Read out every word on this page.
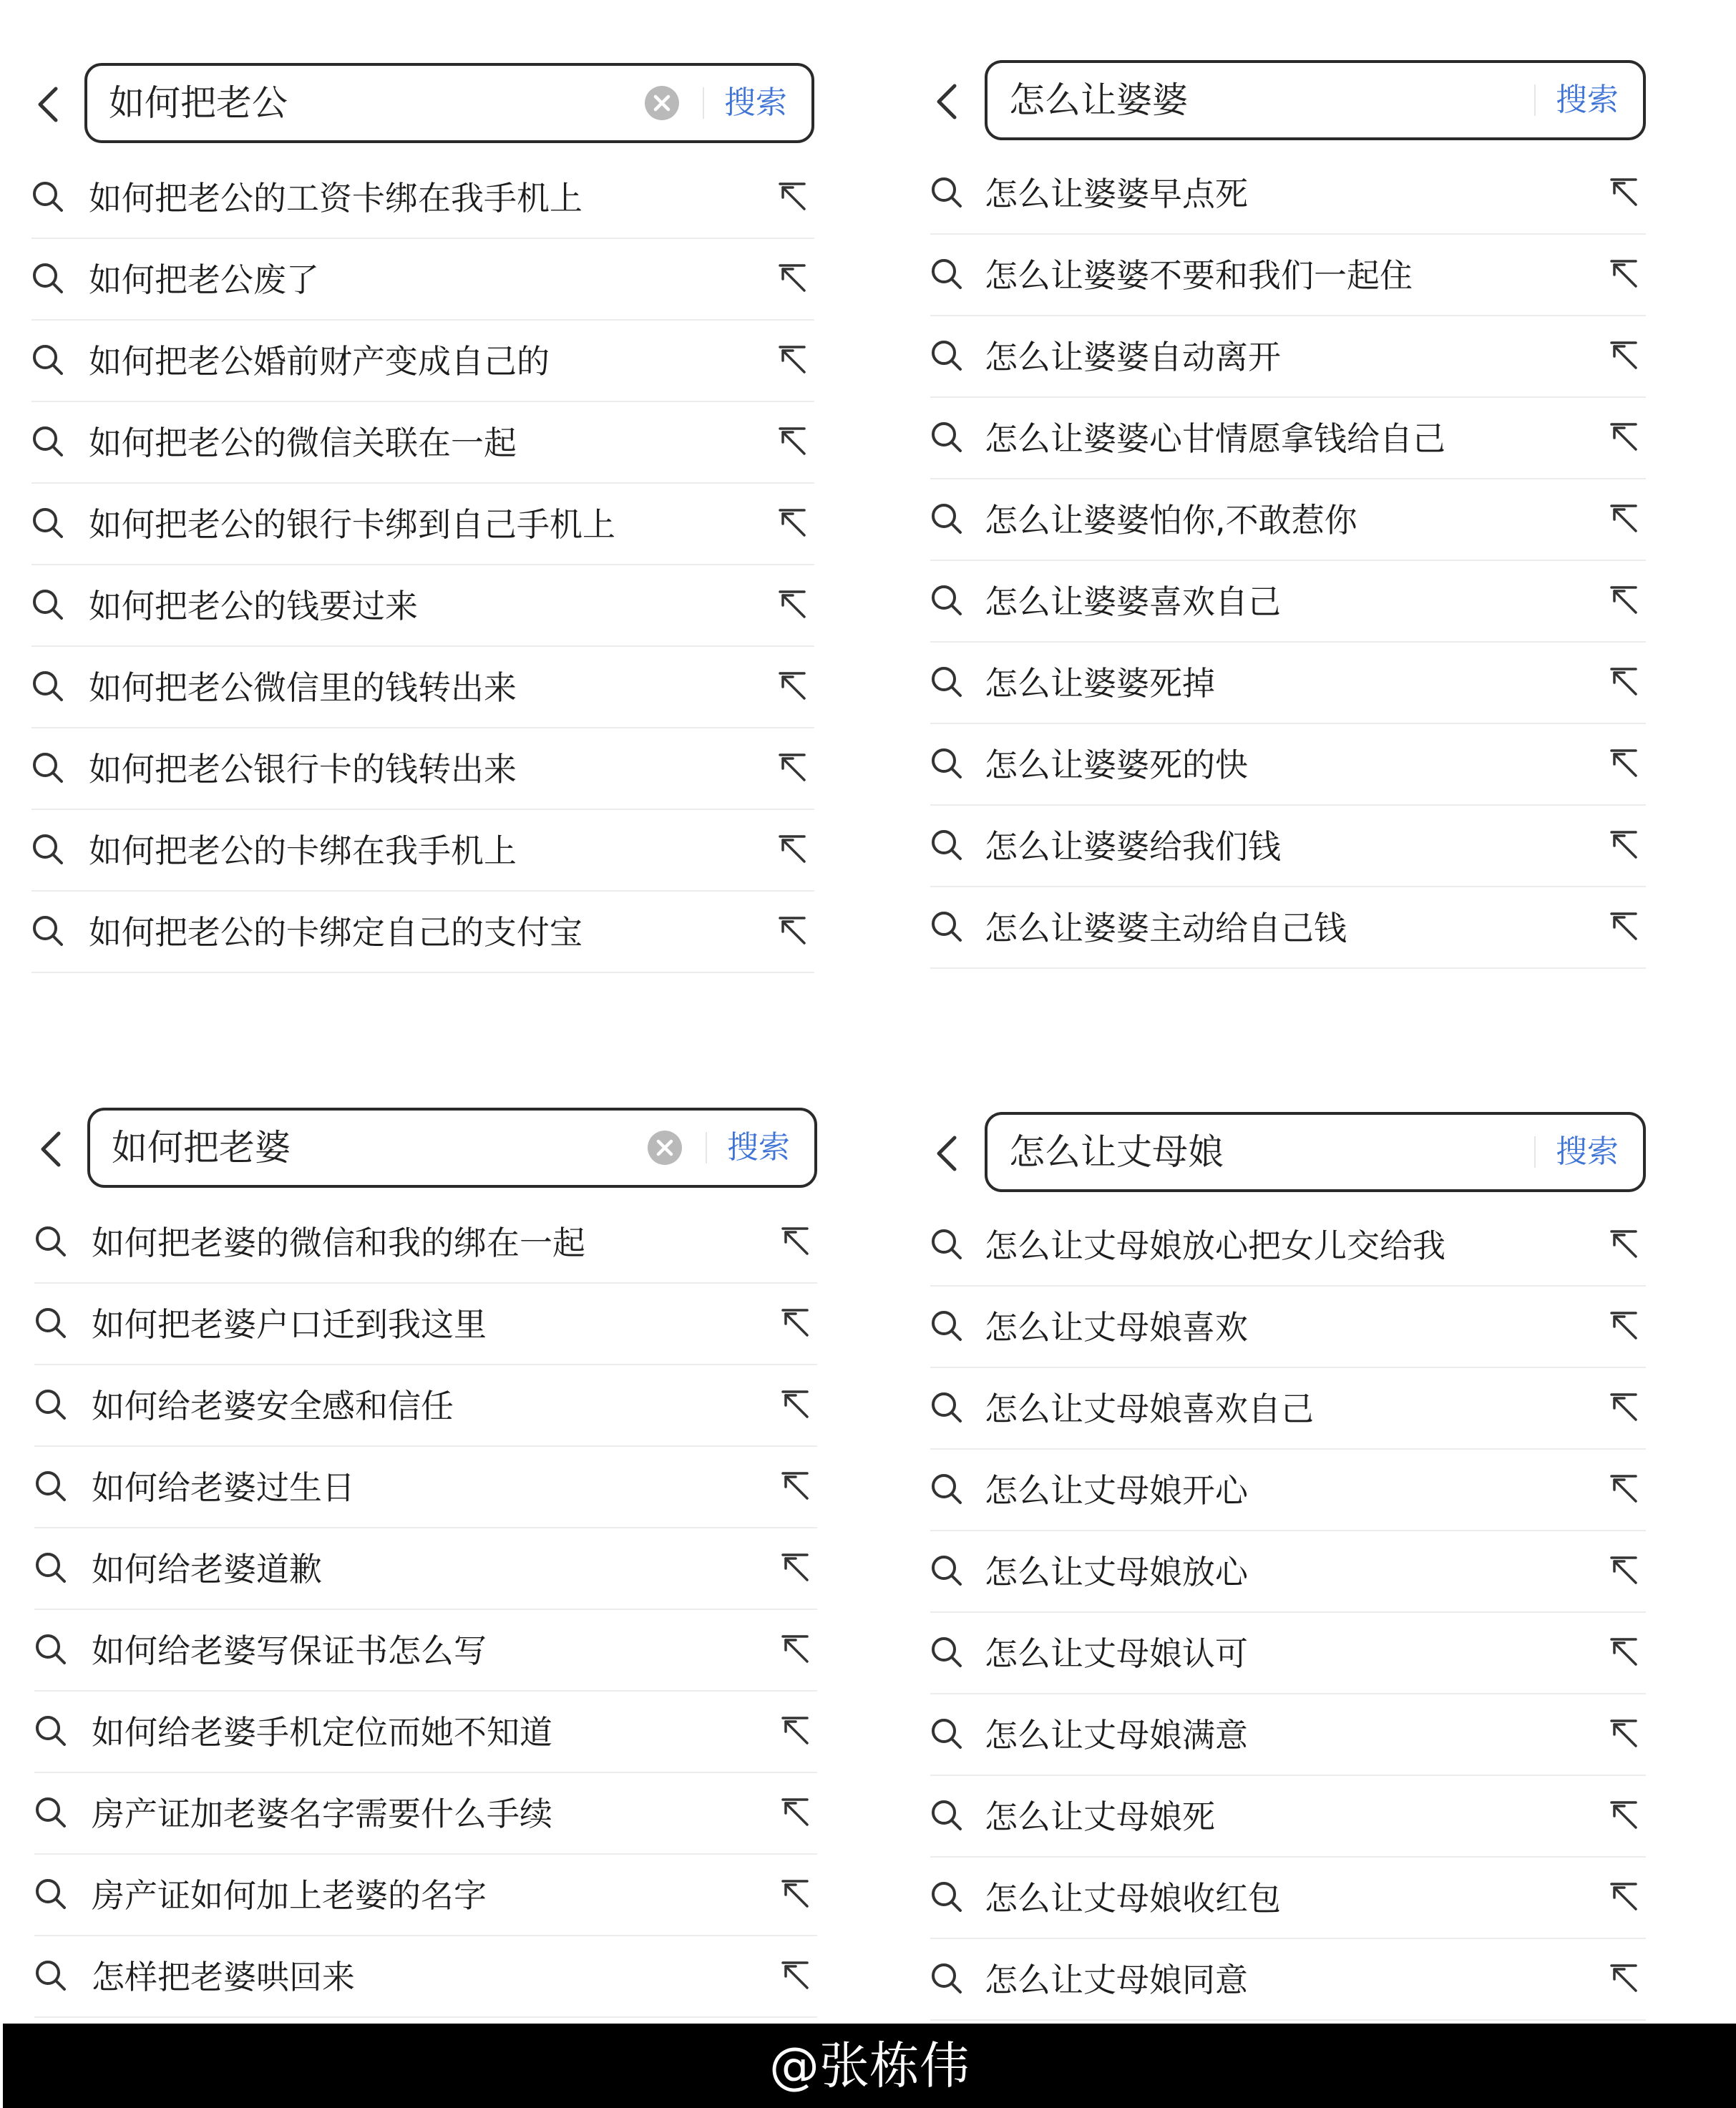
如何把老公	搜索
如何把老公的工资卡绑在我手机上
如何把老公废了
如何把老公婚前财产变成自己的
如何把老公的微信关联在一起
如何把老公的银行卡绑到自己手机上
如何把老公的钱要过来
如何把老公微信里的钱转出来
如何把老公银行卡的钱转出来
如何把老公的卡绑在我手机上
如何把老公的卡绑定自己的支付宝
怎么让婆婆	搜索
怎么让婆婆早点死
怎么让婆婆不要和我们一起住
怎么让婆婆自动离开
怎么让婆婆心甘情愿拿钱给自己
怎么让婆婆怕你,不敢惹你
怎么让婆婆喜欢自己
怎么让婆婆死掉
怎么让婆婆死的快
怎么让婆婆给我们钱
怎么让婆婆主动给自己钱
如何把老婆	搜索
如何把老婆的微信和我的绑在一起
如何把老婆户口迁到我这里
如何给老婆安全感和信任
如何给老婆过生日
如何给老婆道歉
如何给老婆写保证书怎么写
如何给老婆手机定位而她不知道
房产证加老婆名字需要什么手续
房产证如何加上老婆的名字
怎样把老婆哄回来
怎么让丈母娘	搜索
怎么让丈母娘放心把女儿交给我
怎么让丈母娘喜欢
怎么让丈母娘喜欢自己
怎么让丈母娘开心
怎么让丈母娘放心
怎么让丈母娘认可
怎么让丈母娘满意
怎么让丈母娘死
怎么让丈母娘收红包
怎么让丈母娘同意
@张栋伟
